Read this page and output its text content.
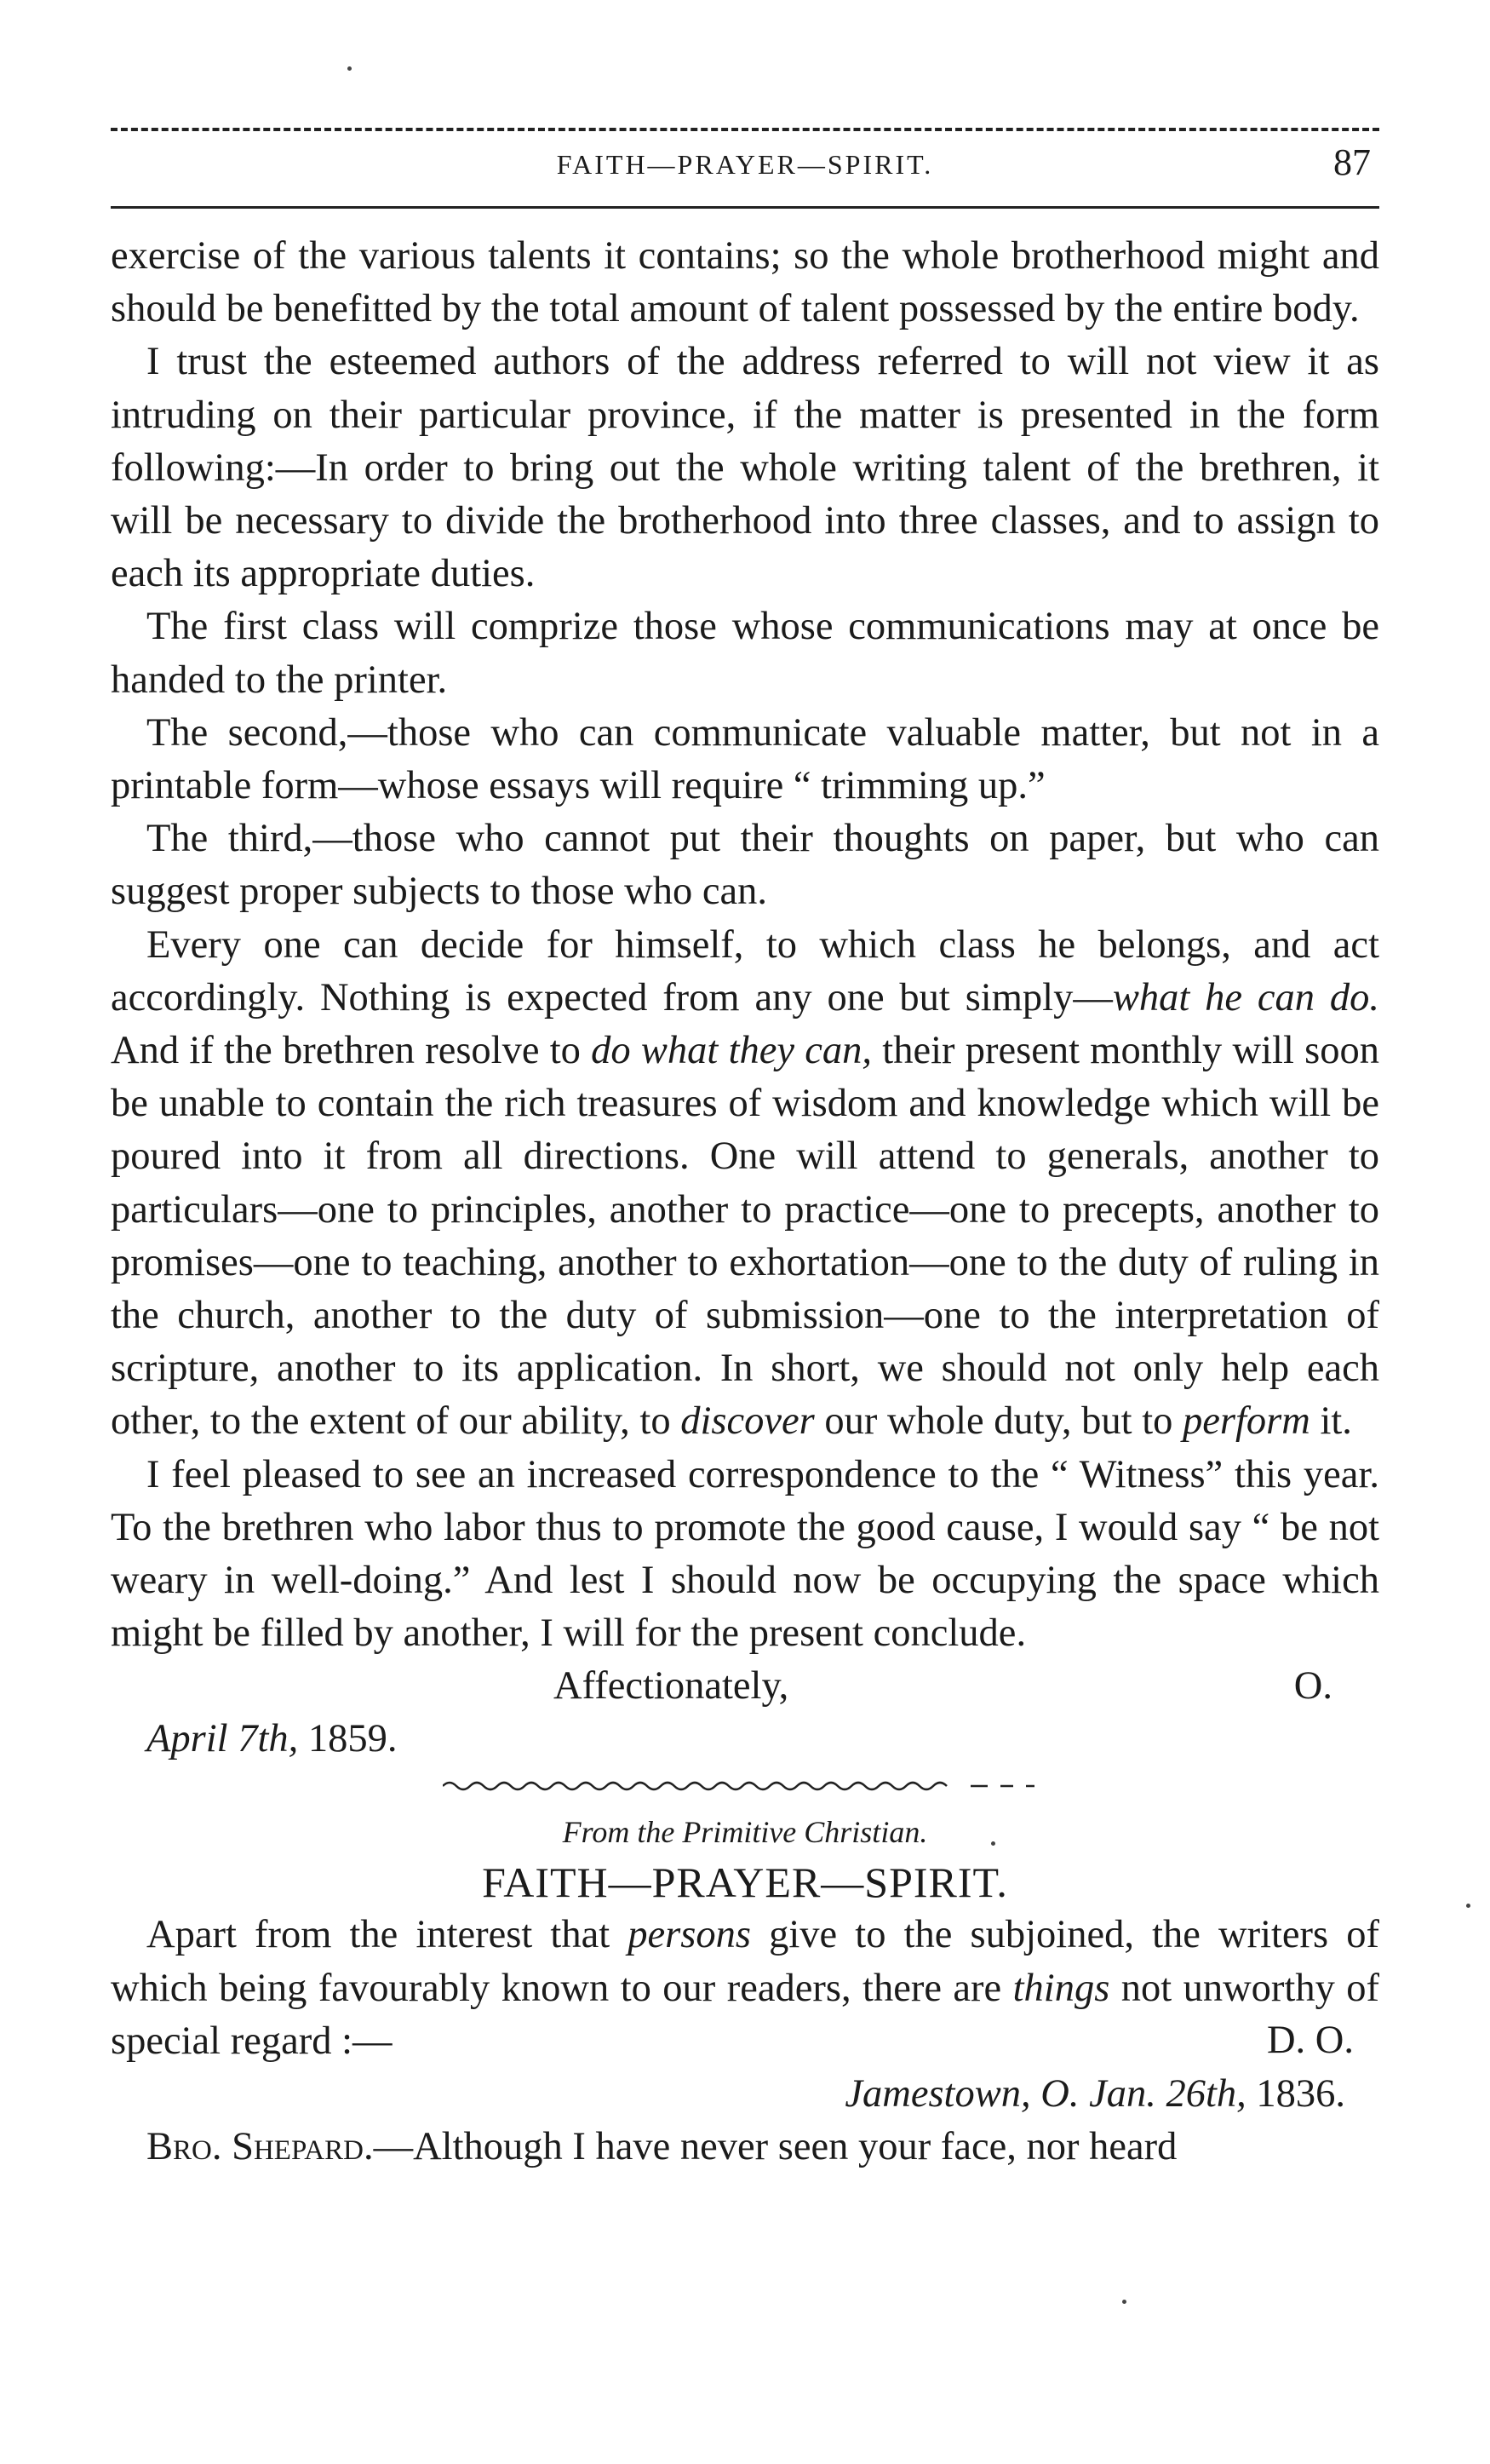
FAITH—PRAYER—SPIRIT.	87

exercise of the various talents it contains; so the whole brotherhood might and should be benefitted by the total amount of talent possessed by the entire body.

I trust the esteemed authors of the address referred to will not view it as intruding on their particular province, if the matter is presented in the form following:—In order to bring out the whole writing talent of the brethren, it will be necessary to divide the brotherhood into three classes, and to assign to each its appropriate duties.

The first class will comprize those whose communications may at once be handed to the printer.

The second,—those who can communicate valuable matter, but not in a printable form—whose essays will require “ trimming up.”

The third,—those who cannot put their thoughts on paper, but who can suggest proper subjects to those who can.

Every one can decide for himself, to which class he belongs, and act accordingly. Nothing is expected from any one but simply—what he can do. And if the brethren resolve to do what they can, their present monthly will soon be unable to contain the rich treasures of wisdom and knowledge which will be poured into it from all directions. One will attend to generals, another to particulars—one to principles, another to practice—one to precepts, another to promises—one to teaching, another to exhortation—one to the duty of ruling in the church, another to the duty of submission—one to the interpretation of scripture, another to its application. In short, we should not only help each other, to the extent of our ability, to discover our whole duty, but to perform it.

I feel pleased to see an increased correspondence to the “ Witness” this year. To the brethren who labor thus to promote the good cause, I would say “ be not weary in well-doing.” And lest I should now be occupying the space which might be filled by another, I will for the present conclude.

Affectionately,	O.
April 7th, 1859.
From the Primitive Christian.
FAITH—PRAYER—SPIRIT.

Apart from the interest that persons give to the subjoined, the writers of which being favourably known to our readers, there are things not unworthy of special regard :—	D. O.
Jamestown, O. Jan. 26th, 1836.

Bro. Shepard.—Although I have never seen your face, nor heard
